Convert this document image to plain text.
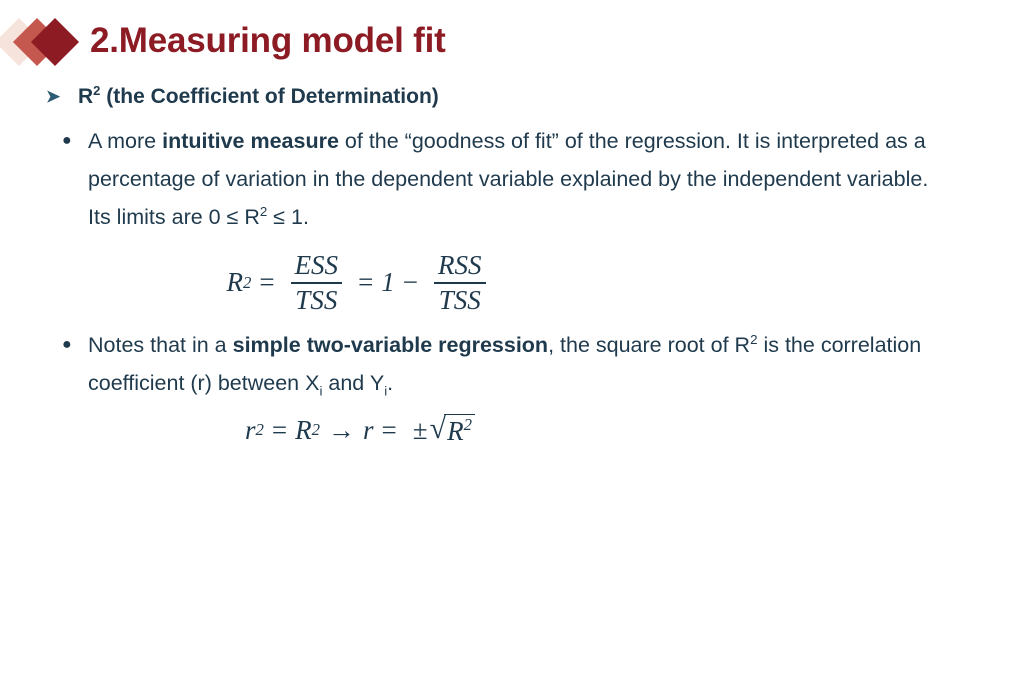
2.Measuring model fit
➤ $R^2$ (the Coefficient of Determination)
● A more intuitive measure of the “goodness of fit” of the regression. It is interpreted as a percentage of variation in the dependent variable explained by the independent variable. Its limits are $0 \le R^2 \le 1$.
R $2 = \frac{\text{ESS}}{\text{TSS}} = 1 - \frac{\text{RSS}}{\text{TSS}}$
● Notes that in a simple two-variable regression, the square root of $R^2$ is the correlation coefficient (r) between $X_i$ and $Y_i$.
r 2 = R 2 → r = ± √ $R^2$
